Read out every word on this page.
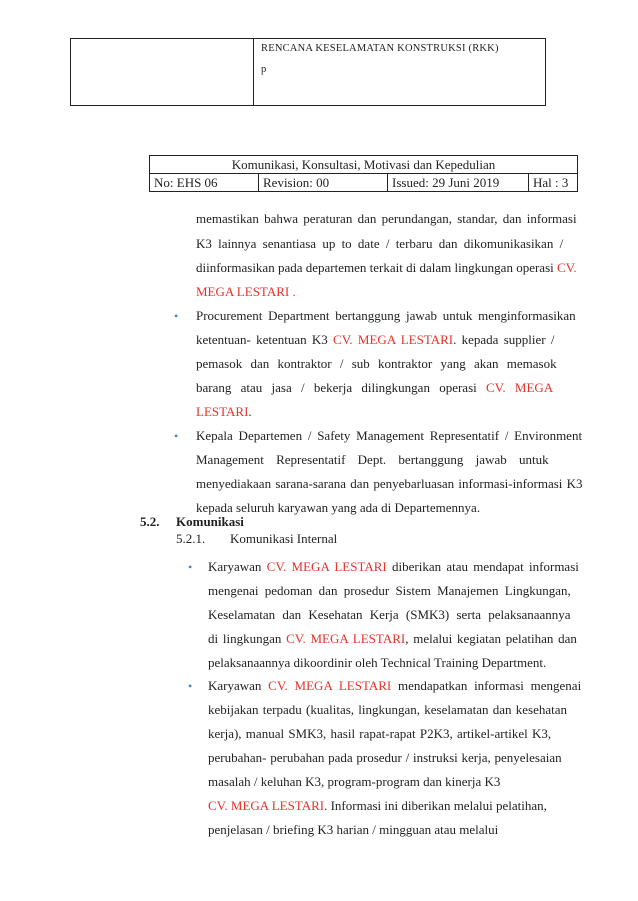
RENCANA KESELAMATAN KONSTRUKSI (RKK)
p
Komunikasi, Konsultasi, Motivasi dan Kepedulian
No: EHS 06	Revision: 00	Issued: 29 Juni 2019	Hal : 3
memastikan bahwa peraturan dan perundangan, standar, dan informasi
K3 lainnya senantiasa up to date / terbaru dan dikomunikasikan /
diinformasikan pada departemen terkait di dalam lingkungan operasi CV.
MEGA LESTARI .
• Procurement Department bertanggung jawab untuk menginformasikan
ketentuan- ketentuan K3 CV. MEGA LESTARI. kepada supplier /
pemasok dan kontraktor / sub kontraktor yang akan memasok
barang atau jasa / bekerja dilingkungan operasi CV. MEGA
LESTARI.
• Kepala Departemen / Safety Management Representatif / Environment
Management Representatif Dept. bertanggung jawab untuk
menyediakaan sarana-sarana dan penyebarluasan informasi-informasi K3
kepada seluruh karyawan yang ada di Departemennya.
5.2. Komunikasi
5.2.1. Komunikasi Internal
• Karyawan CV. MEGA LESTARI diberikan atau mendapat informasi
mengenai pedoman dan prosedur Sistem Manajemen Lingkungan,
Keselamatan dan Kesehatan Kerja (SMK3) serta pelaksanaannya
di lingkungan CV. MEGA LESTARI, melalui kegiatan pelatihan dan
pelaksanaannya dikoordinir oleh Technical Training Department.
• Karyawan CV. MEGA LESTARI mendapatkan informasi mengenai
kebijakan terpadu (kualitas, lingkungan, keselamatan dan kesehatan
kerja), manual SMK3, hasil rapat-rapat P2K3, artikel-artikel K3,
perubahan- perubahan pada prosedur / instruksi kerja, penyelesaian
masalah / keluhan K3, program-program dan kinerja K3
CV. MEGA LESTARI. Informasi ini diberikan melalui pelatihan,
penjelasan / briefing K3 harian / mingguan atau melalui
